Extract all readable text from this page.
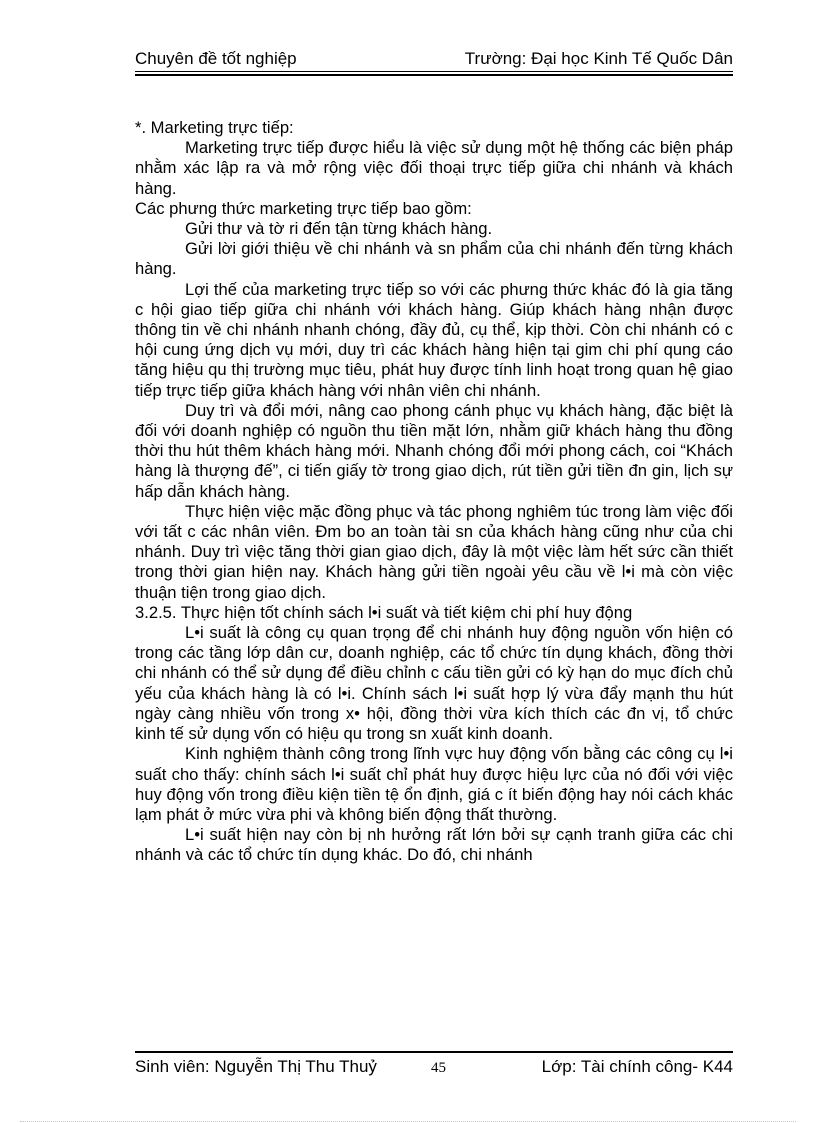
Chuyên đề tốt nghiệp	Trường: Đại học Kinh Tế Quốc Dân

*. Marketing trực tiếp:

Marketing trực tiếp được hiểu là việc sử dụng một hệ thống các biện pháp nhằm xác lập ra và mở rộng việc đối thoại trực tiếp giữa chi nhánh và khách hàng.

Các phưng thức marketing trực tiếp bao gồm:

Gửi thư và tờ ri đến tận từng khách hàng.

Gửi lời giới thiệu về chi nhánh và sn phẩm của chi nhánh đến từng khách hàng.

Lợi thế của marketing trực tiếp so với các phưng thức khác đó là gia tăng c hội giao tiếp giữa chi nhánh với khách hàng. Giúp khách hàng nhận được thông tin về chi nhánh nhanh chóng, đầy đủ, cụ thể, kịp thời. Còn chi nhánh có c hội cung ứng dịch vụ mới, duy trì các khách hàng hiện tại gim chi phí qung cáo tăng hiệu qu thị trường mục tiêu, phát huy được tính linh hoạt trong quan hệ giao tiếp trực tiếp giữa khách hàng với nhân viên chi nhánh.

Duy trì và đổi mới, nâng cao phong cánh phục vụ khách hàng, đặc biệt là đối với doanh nghiệp có nguồn thu tiền mặt lớn, nhằm giữ khách hàng thu đồng thời thu hút thêm khách hàng mới. Nhanh chóng đổi mới phong cách, coi “Khách hàng là thượng đế”, ci tiến giấy tờ trong giao dịch, rút tiền gửi tiền đn gin, lịch sự hấp dẫn khách hàng.

Thực hiện việc mặc đồng phục và tác phong nghiêm túc trong làm việc đối với tất c các nhân viên. Đm bo an toàn tài sn của khách hàng cũng như của chi nhánh. Duy trì việc tăng thời gian giao dịch, đây là một việc làm hết sức cần thiết trong thời gian hiện nay. Khách hàng gửi tiền ngoài yêu cầu về l•i mà còn việc thuận tiện trong giao dịch.

3.2.5. Thực hiện tốt chính sách l•i suất và tiết kiệm chi phí huy động

L•i suất là công cụ quan trọng để chi nhánh huy động nguồn vốn hiện có trong các tầng lớp dân cư, doanh nghiệp, các tổ chức tín dụng khách, đồng thời chi nhánh có thể sử dụng để điều chỉnh c cấu tiền gửi có kỳ hạn do mục đích chủ yếu của khách hàng là có l•i. Chính sách l•i suất hợp lý vừa đẩy mạnh thu hút ngày càng nhiều vốn trong x• hội, đồng thời vừa kích thích các đn vị, tổ chức kinh tế sử dụng vốn có hiệu qu trong sn xuất kinh doanh.

Kinh nghiệm thành công trong lĩnh vực huy động vốn bằng các công cụ l•i suất cho thấy: chính sách l•i suất chỉ phát huy được hiệu lực của nó đối với việc huy động vốn trong điều kiện tiền tệ ổn định, giá c ít biến động hay nói cách khác lạm phát ở mức vừa phi và không biến động thất thường.

L•i suất hiện nay còn bị nh hưởng rất lớn bởi sự cạnh tranh giữa các chi nhánh và các tổ chức tín dụng khác. Do đó, chi nhánh

Sinh viên: Nguyễn Thị Thu Thuỷ	45	Lớp: Tài chính công- K44
